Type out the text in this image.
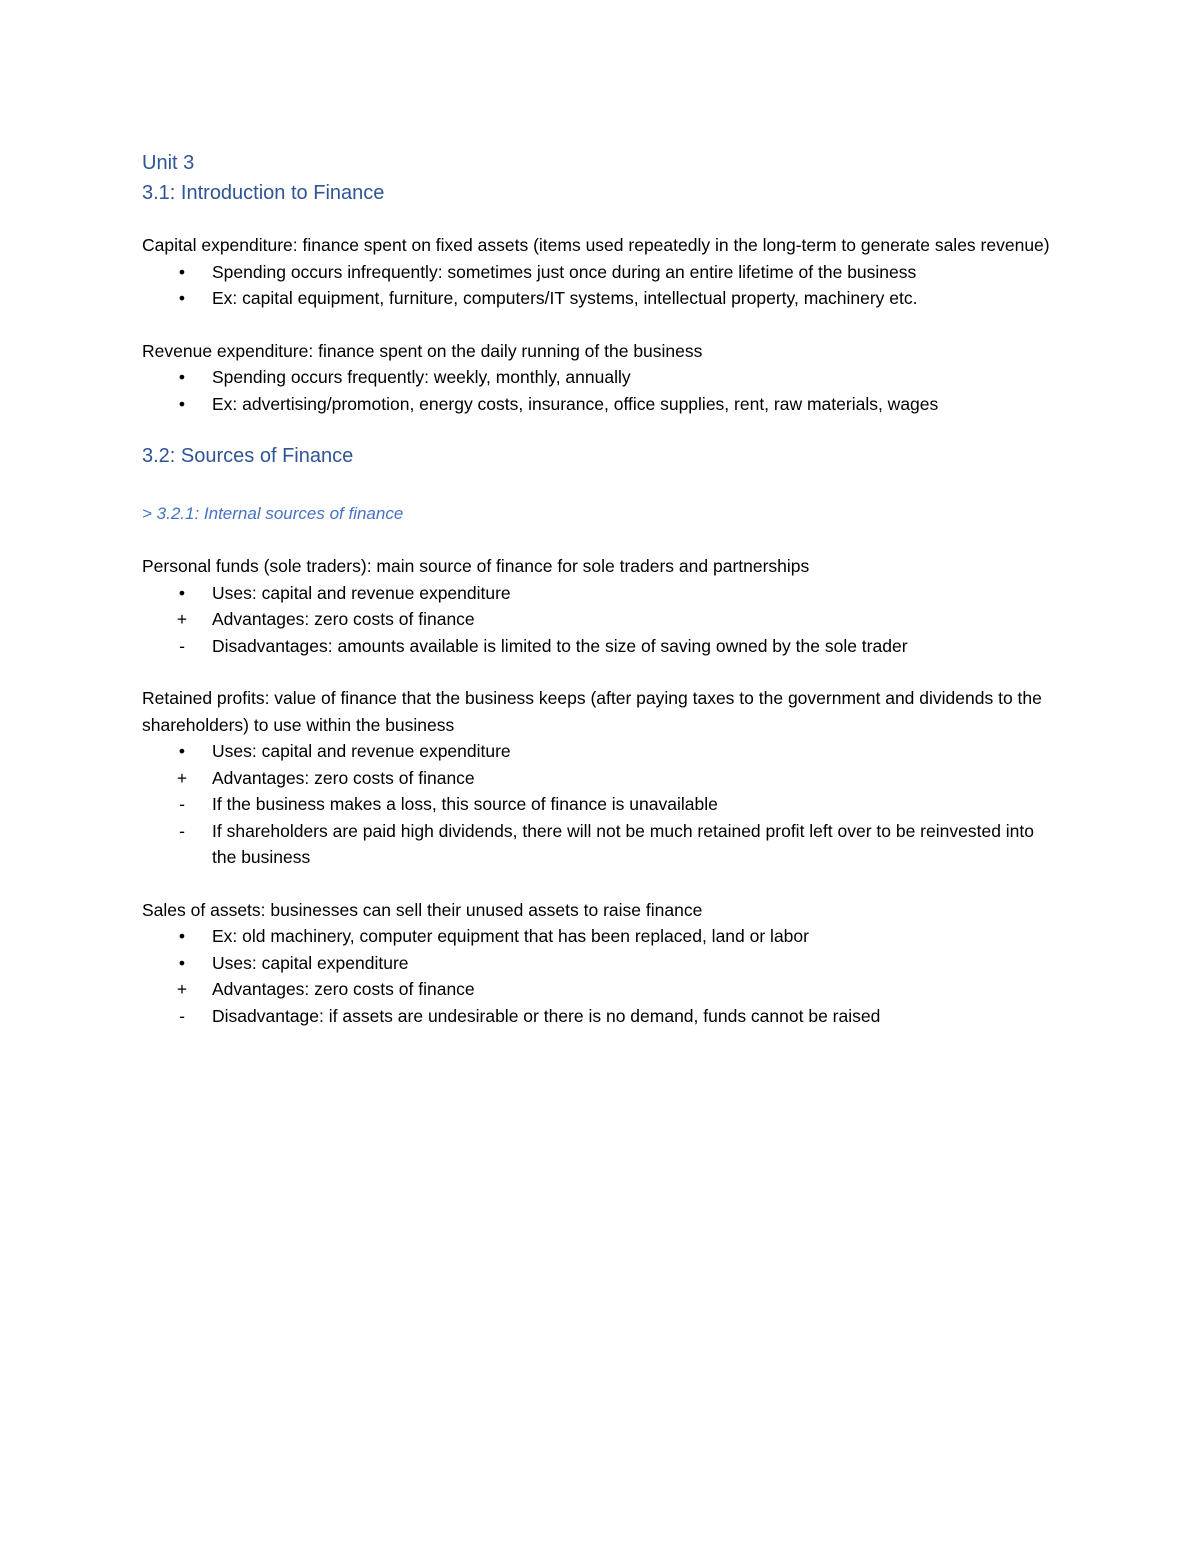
Unit 3
3.1: Introduction to Finance

Capital expenditure: finance spent on fixed assets (items used repeatedly in the long-term to generate sales revenue)

•	Spending occurs infrequently: sometimes just once during an entire lifetime of the business
•	Ex: capital equipment, furniture, computers/IT systems, intellectual property, machinery etc.

Revenue expenditure: finance spent on the daily running of the business

•	Spending occurs frequently: weekly, monthly, annually
•	Ex: advertising/promotion, energy costs, insurance, office supplies, rent, raw materials, wages
3.2: Sources of Finance
> 3.2.1: Internal sources of finance

Personal funds (sole traders): main source of finance for sole traders and partnerships

•	Uses: capital and revenue expenditure
+ Advantages: zero costs of finance
-	Disadvantages: amounts available is limited to the size of saving owned by the sole trader

Retained profits: value of finance that the business keeps (after paying taxes to the government and dividends to the shareholders) to use within the business

•	Uses: capital and revenue expenditure
+ Advantages: zero costs of finance
-	If the business makes a loss, this source of finance is unavailable
-	If shareholders are paid high dividends, there will not be much retained profit left over to be reinvested into the business

Sales of assets: businesses can sell their unused assets to raise finance

•	Ex: old machinery, computer equipment that has been replaced, land or labor
•	Uses: capital expenditure
+ Advantages: zero costs of finance
-	Disadvantage: if assets are undesirable or there is no demand, funds cannot be raised
